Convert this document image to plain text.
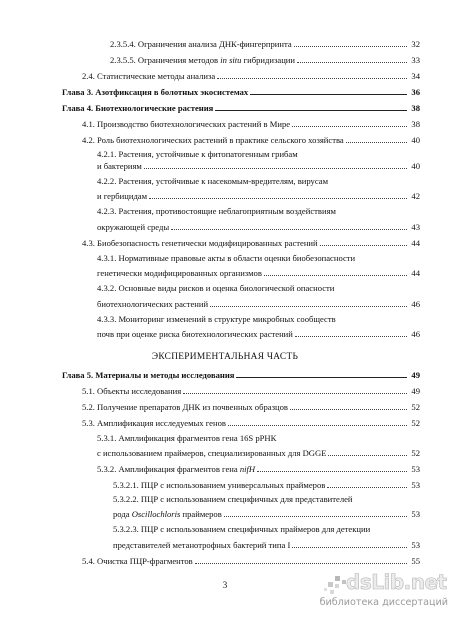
2.3.5.4. Ограничения анализа ДНК-фингерпринта	32
2.3.5.5. Ограничения методов in situ гибридизации	33
2.4. Статистические методы анализа	34
Глава 3. Азотфиксация в болотных экосистемах	36
Глава 4. Биотехнологические растения	38
4.1. Производство биотехнологических растений в Мире	38
4.2. Роль биотехнологических растений в практике сельского хозяйства	40
4.2.1. Растения, устойчивые к фитопатогенным грибам
и бактериям	40
4.2.2. Растения, устойчивые к насекомым-вредителям, вирусам
и гербицидам	42
4.2.3. Растения, противостоящие неблагоприятным воздействиям
окружающей среды	43
4.3. Биобезопасность генетически модифицированных растений	44
4.3.1. Нормативные правовые акты в области оценки биобезопасности
генетически модифицированных организмов	44
4.3.2. Основные виды рисков и оценка биологической опасности
биотехнологических растений	46
4.3.3. Мониторинг изменений в структуре микробных сообществ
почв при оценке риска биотехнологических растений	46
ЭКСПЕРИМЕНТАЛЬНАЯ ЧАСТЬ
Глава 5. Материалы и методы исследования	49
5.1. Объекты исследования	49
5.2. Получение препаратов ДНК из почвенных образцов	52
5.3. Амплификация исследуемых генов	52
5.3.1. Амплификация фрагментов гена 16S рРНК
с использованием праймеров, специализированных для DGGE	52
5.3.2. Амплификация фрагментов гена nifH	53
5.3.2.1. ПЦР с использованием универсальных праймеров	53
5.3.2.2. ПЦР с использованием специфичных для представителей
рода Oscillochloris праймеров	53
5.3.2.3. ПЦР с использованием специфичных праймеров для детекции
представителей метанотрофных бактерий типа I	53
5.4. Очистка ПЦР-фрагментов	55
3	dsLib.net
библиотека диссертаций
